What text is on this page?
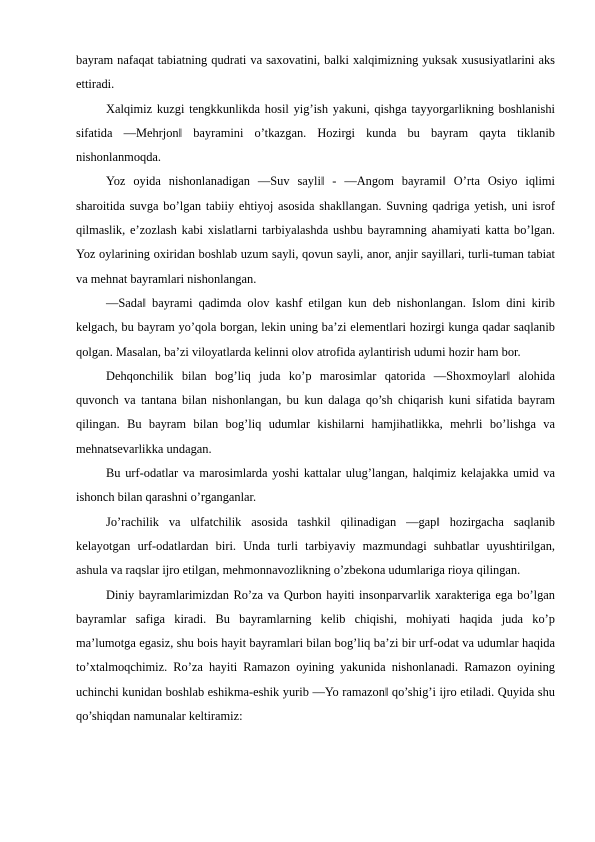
bayram nafaqat tabiatning qudrati va saxovatini, balki xalqimizning yuksak xususiyatlarini aks ettiradi.

Xalqimiz kuzgi tengkkunlikda hosil yig’ish yakuni, qishga tayyorgarlikning boshlanishi sifatida ―Mehrjon‖ bayramini o’tkazgan. Hozirgi kunda bu bayram qayta tiklanib nishonlanmoqda.

Yoz oyida nishonlanadigan ―Suv sayli‖ - ―Angom bayrami‖ O’rta Osiyo iqlimi sharoitida suvga bo’lgan tabiiy ehtiyoj asosida shakllangan. Suvning qadriga yetish, uni isrof qilmaslik, e’zozlash kabi xislatlarni tarbiyalashda ushbu bayramning ahamiyati katta bo’lgan. Yoz oylarining oxiridan boshlab uzum sayli, qovun sayli, anor, anjir sayillari, turli-tuman tabiat va mehnat bayramlari nishonlangan.

―Sada‖ bayrami qadimda olov kashf etilgan kun deb nishonlangan. Islom dini kirib kelgach, bu bayram yo’qola borgan, lekin uning ba’zi elementlari hozirgi kunga qadar saqlanib qolgan. Masalan, ba’zi viloyatlarda kelinni olov atrofida aylantirish udumi hozir ham bor.

Dehqonchilik bilan bog’liq juda ko’p marosimlar qatorida ―Shoxmoylar‖ alohida quvonch va tantana bilan nishonlangan, bu kun dalaga qo’sh chiqarish kuni sifatida bayram qilingan. Bu bayram bilan bog’liq udumlar kishilarni hamjihatlikka, mehrli bo’lishga va mehnatsevarlikka undagan.

Bu urf-odatlar va marosimlarda yoshi kattalar ulug’langan, halqimiz kelajakka umid va ishonch bilan qarashni o’rganganlar.

Jo’rachilik va ulfatchilik asosida tashkil qilinadigan ―gap‖ hozirgacha saqlanib kelayotgan urf-odatlardan biri. Unda turli tarbiyaviy mazmundagi suhbatlar uyushtirilgan, ashula va raqslar ijro etilgan, mehmonnavozlikning o’zbekona udumlariga rioya qilingan.

Diniy bayramlarimizdan Ro’za va Qurbon hayiti insonparvarlik xarakteriga ega bo’lgan bayramlar safiga kiradi. Bu bayramlarning kelib chiqishi, mohiyati haqida juda ko’p ma’lumotga egasiz, shu bois hayit bayramlari bilan bog’liq ba’zi bir urf-odat va udumlar haqida to’xtalmoqchimiz. Ro’za hayiti Ramazon oyining yakunida nishonlanadi. Ramazon oyining uchinchi kunidan boshlab eshikma-eshik yurib ―Yo ramazon‖ qo’shig’i ijro etiladi. Quyida shu qo’shiqdan namunalar keltiramiz:
